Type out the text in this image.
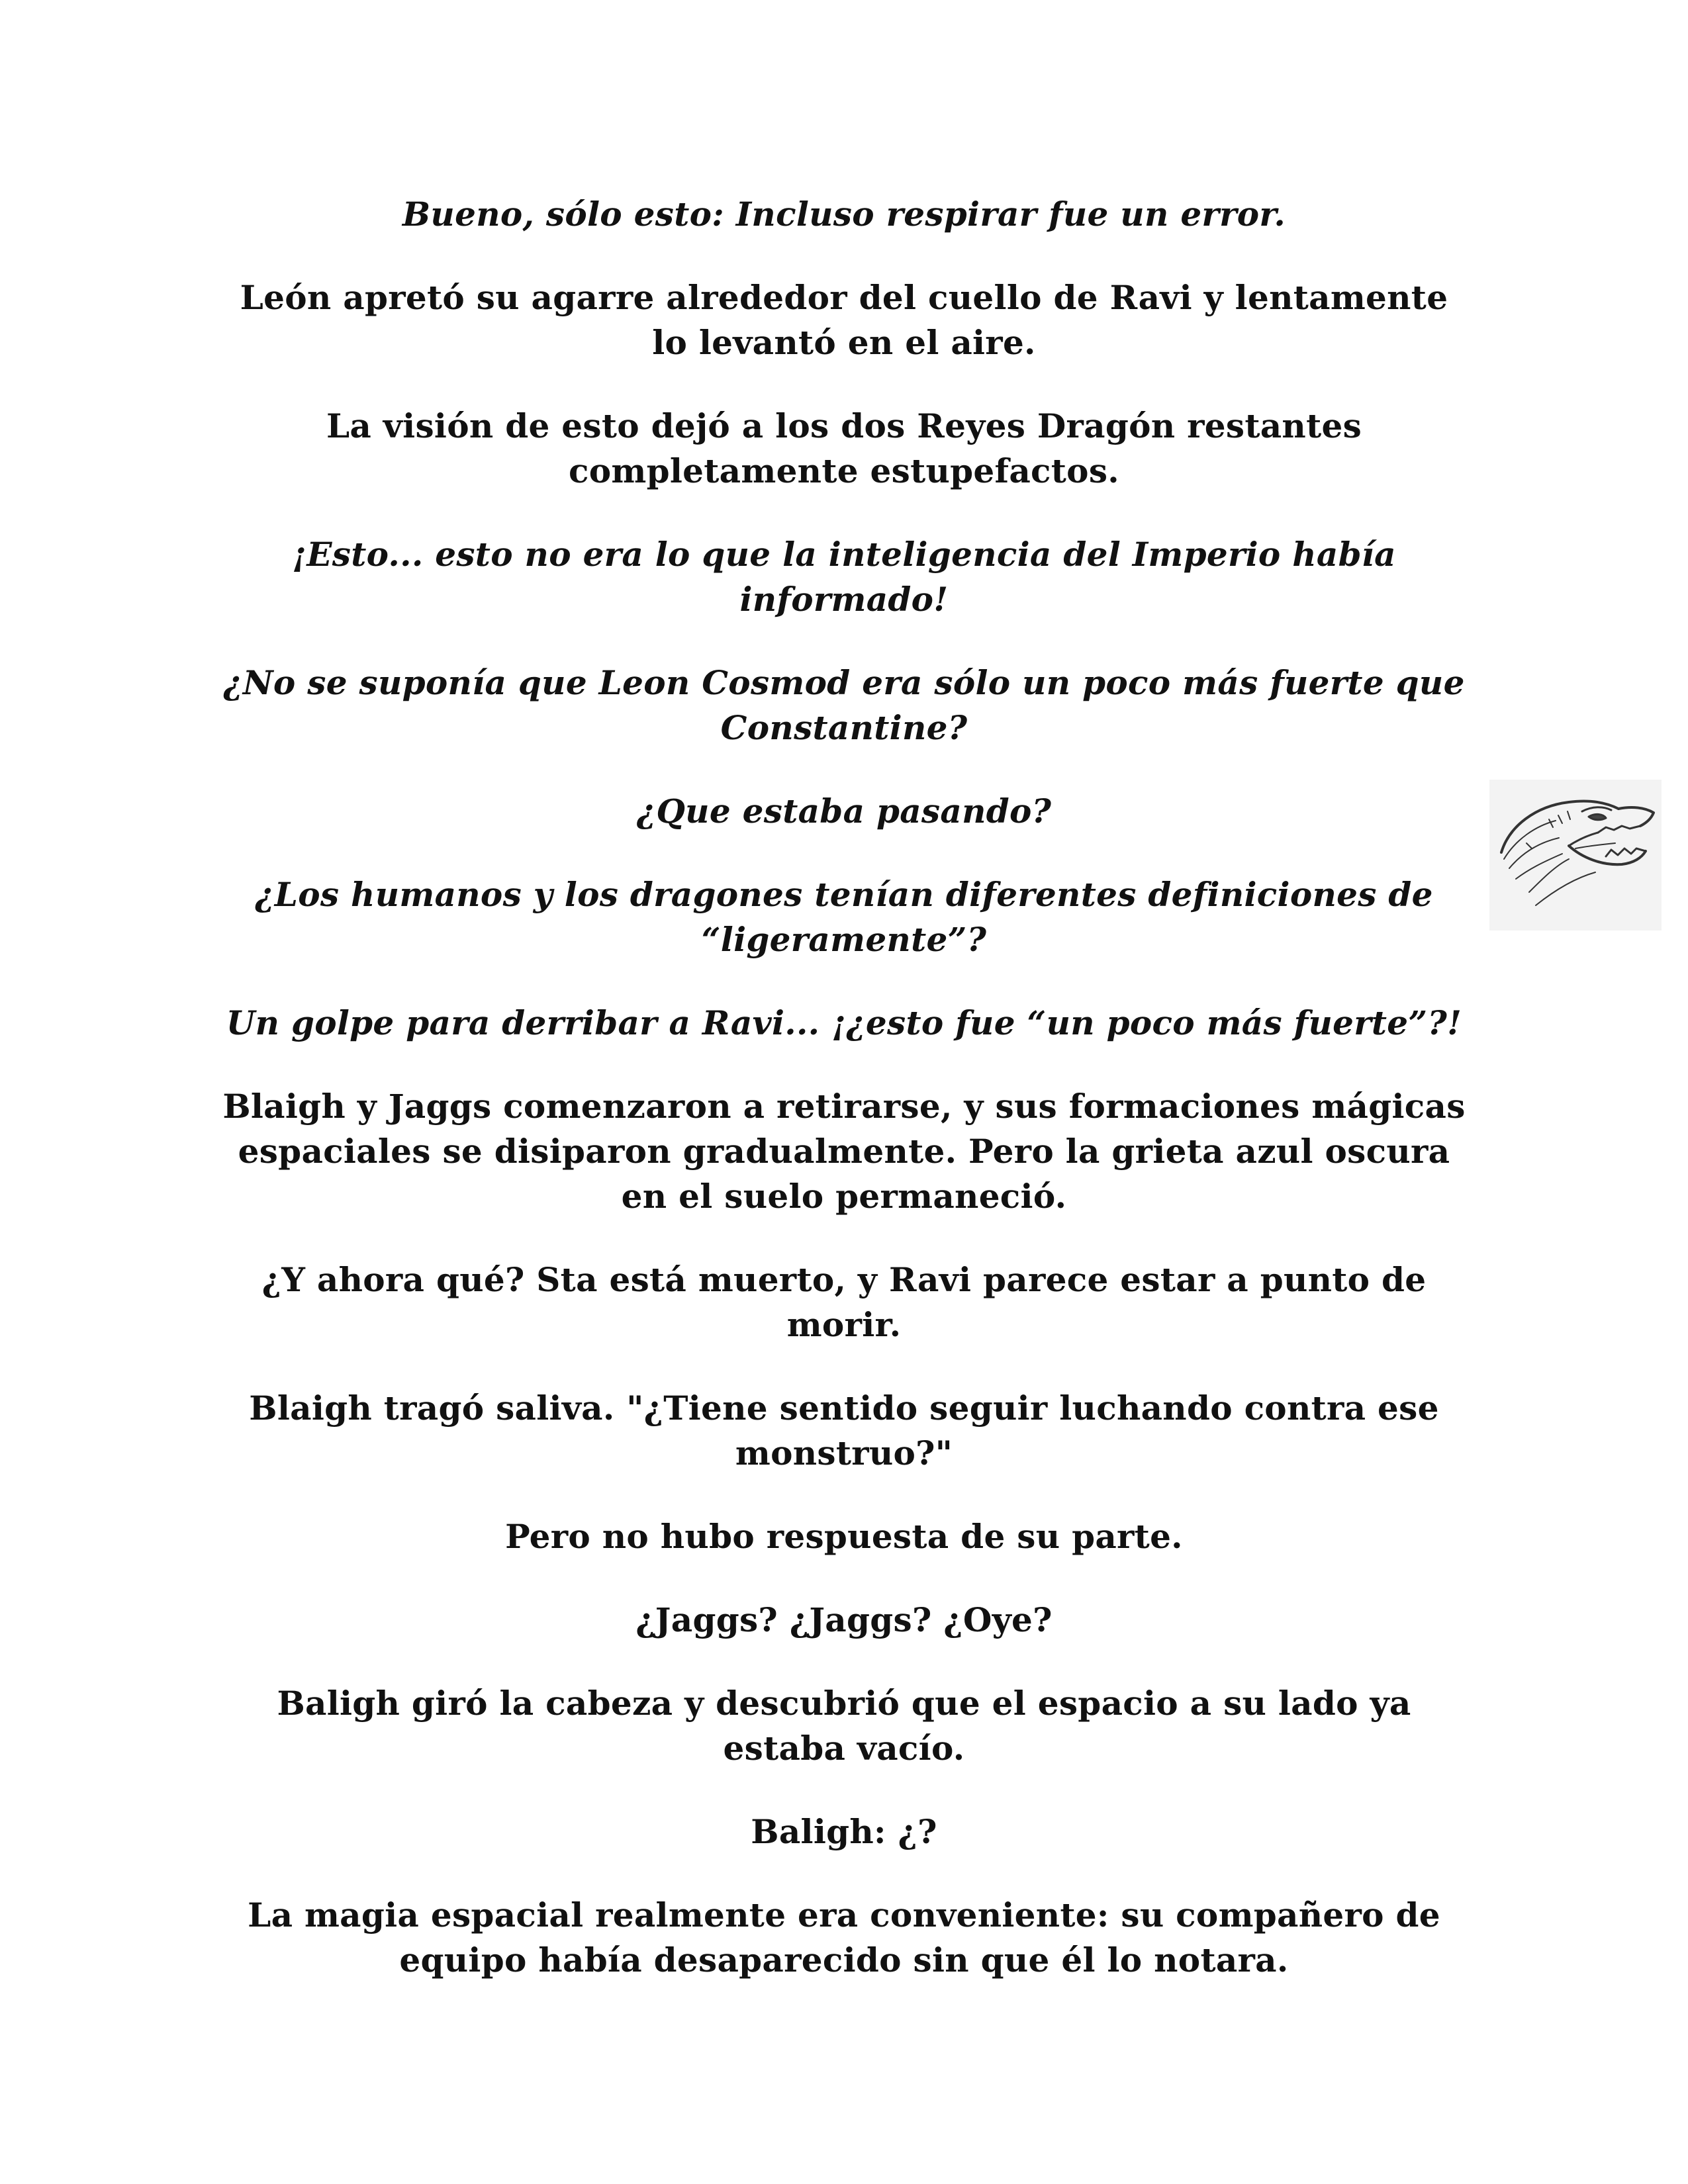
Bueno, sólo esto: Incluso respirar fue un error.

León apretó su agarre alrededor del cuello de Ravi y lentamente lo levantó en el aire.

La visión de esto dejó a los dos Reyes Dragón restantes completamente estupefactos.

¡Esto... esto no era lo que la inteligencia del Imperio había informado!

¿No se suponía que Leon Cosmod era sólo un poco más fuerte que Constantine?

¿Que estaba pasando?

¿Los humanos y los dragones tenían diferentes definiciones de “ligeramente”?

Un golpe para derribar a Ravi... ¡¿esto fue “un poco más fuerte”?!

Blaigh y Jaggs comenzaron a retirarse, y sus formaciones mágicas espaciales se disiparon gradualmente. Pero la grieta azul oscura en el suelo permaneció.

¿Y ahora qué? Sta está muerto, y Ravi parece estar a punto de morir.

Blaigh tragó saliva. "¿Tiene sentido seguir luchando contra ese monstruo?"

Pero no hubo respuesta de su parte.

¿Jaggs? ¿Jaggs? ¿Oye?

Baligh giró la cabeza y descubrió que el espacio a su lado ya estaba vacío.

Baligh: ¿?

La magia espacial realmente era conveniente: su compañero de equipo había desaparecido sin que él lo notara.
